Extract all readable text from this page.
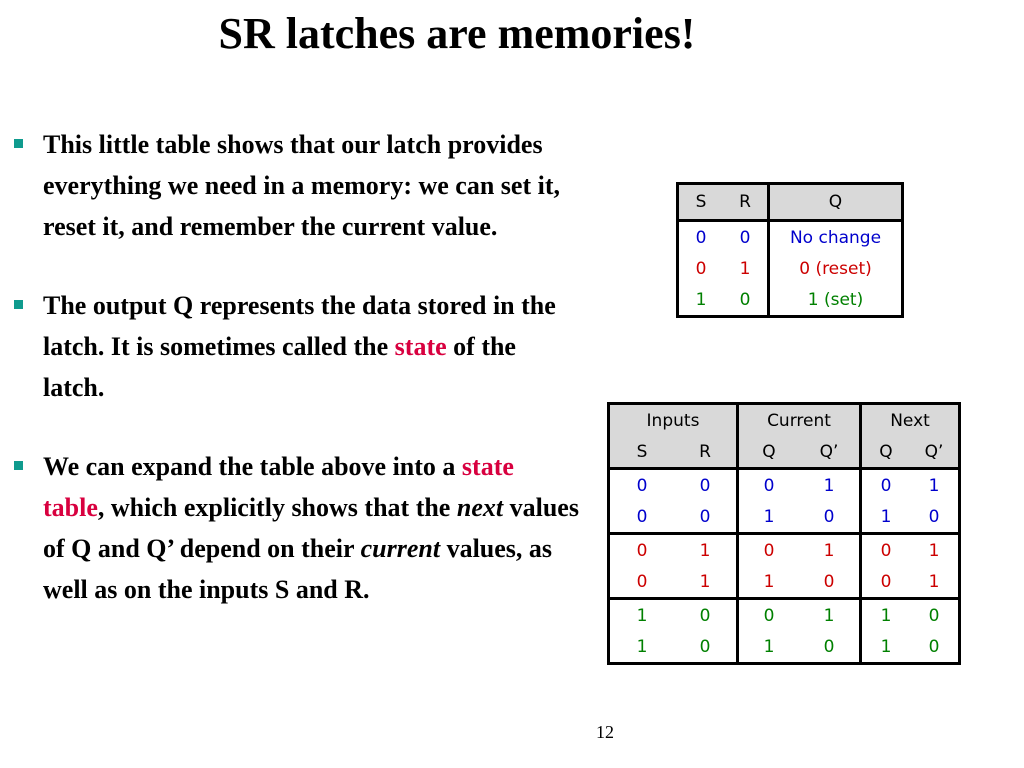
SR latches are memories!
This little table shows that our latch provides everything we need in a memory: we can set it, reset it, and remember the current value.
The output Q represents the data stored in the latch. It is sometimes called the state of the latch.
We can expand the table above into a state table, which explicitly shows that the next values of Q and Q’ depend on their current values, as well as on the inputs S and R.
S	R	Q
0	0	No change
0	1	0 (reset)
1	0	1 (set)
Inputs		Current		Next	
S	R	Q	Q’	Q	Q’
0	0	0	1	0	1
0	0	1	0	1	0
0	1	0	1	0	1
0	1	1	0	0	1
1	0	0	1	1	0
1	0	1	0	1	0
12
